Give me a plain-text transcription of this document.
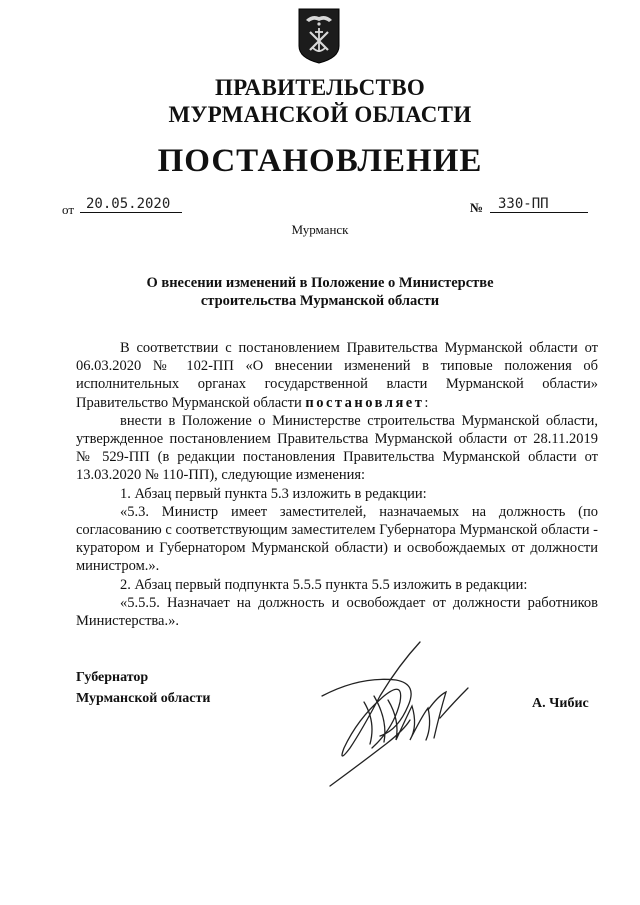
ПРАВИТЕЛЬСТВО
МУРМАНСКОЙ ОБЛАСТИ
ПОСТАНОВЛЕНИЕ
от 20.05.2020	№	330-ПП
Мурманск
О внесении изменений в Положение о Министерстве
строительства Мурманской области

В соответствии с постановлением Правительства Мурманской области от 06.03.2020 № 102-ПП «О внесении изменений в типовые положения об исполнительных органах государственной власти Мурманской области» Правительство Мурманской области постановляет:

внести в Положение о Министерстве строительства Мурманской области, утвержденное постановлением Правительства Мурманской области от 28.11.2019 № 529-ПП (в редакции постановления Правительства Мурманской области от 13.03.2020 № 110-ПП), следующие изменения:

1. Абзац первый пункта 5.3 изложить в редакции:

«5.3. Министр имеет заместителей, назначаемых на должность (по согласованию с соответствующим заместителем Губернатора Мурманской области - куратором и Губернатором Мурманской области) и освобождаемых от должности министром.».

2. Абзац первый подпункта 5.5.5 пункта 5.5 изложить в редакции:

«5.5.5. Назначает на должность и освобождает от должности работников Министерства.».

Губернатор
Мурманской области	А. Чибис
